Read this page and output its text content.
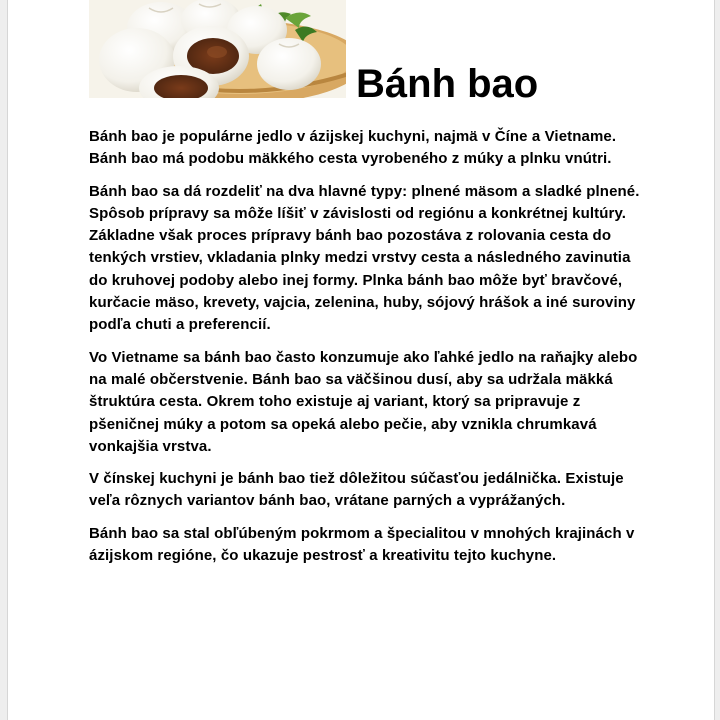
Bánh bao

Bánh bao je populárne jedlo v ázijskej kuchyni, najmä v Číne a Vietname. Bánh bao má podobu mäkkého cesta vyrobeného z múky a plnku vnútri.

Bánh bao sa dá rozdeliť na dva hlavné typy: plnené mäsom a sladké plnené. Spôsob prípravy sa môže líšiť v závislosti od regiónu a konkrétnej kultúry. Základne však proces prípravy bánh bao pozostáva z rolovania cesta do tenkých vrstiev, vkladania plnky medzi vrstvy cesta a následného zavinutia do kruhovej podoby alebo inej formy. Plnka bánh bao môže byť bravčové, kurčacie mäso, krevety, vajcia, zelenina, huby, sójový hrášok a iné suroviny podľa chuti a preferencií.

Vo Vietname sa bánh bao často konzumuje ako ľahké jedlo na raňajky alebo na malé občerstvenie. Bánh bao sa väčšinou dusí, aby sa udržala mäkká štruktúra cesta. Okrem toho existuje aj variant, ktorý sa pripravuje z pšeničnej múky a potom sa opeká alebo pečie, aby vznikla chrumkavá vonkajšia vrstva.

V čínskej kuchyni je bánh bao tiež dôležitou súčasťou jedálnička. Existuje veľa rôznych variantov bánh bao, vrátane parných a vyprážaných.

Bánh bao sa stal obľúbeným pokrmom a špecialitou v mnohých krajinách v ázijskom regióne, čo ukazuje pestrosť a kreativitu tejto kuchyne.
